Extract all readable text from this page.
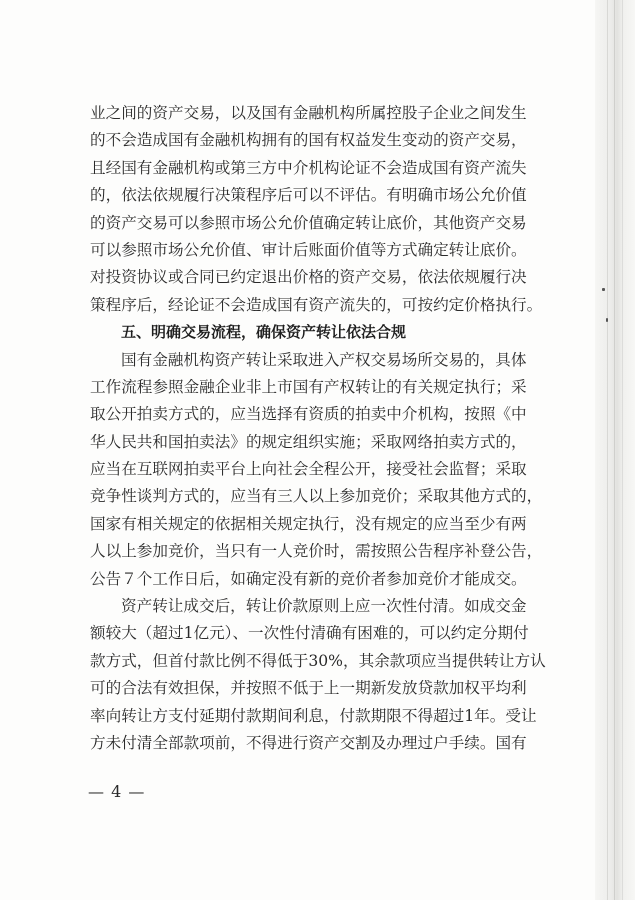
业之间的资产交易，以及国有金融机构所属控股子企业之间发生
的不会造成国有金融机构拥有的国有权益发生变动的资产交易，
且经国有金融机构或第三方中介机构论证不会造成国有资产流失
的，依法依规履行决策程序后可以不评估。有明确市场公允价值
的资产交易可以参照市场公允价值确定转让底价，其他资产交易
可以参照市场公允价值、审计后账面价值等方式确定转让底价。
对投资协议或合同已约定退出价格的资产交易，依法依规履行决
策程序后，经论证不会造成国有资产流失的，可按约定价格执行。
五、明确交易流程，确保资产转让依法合规
国有金融机构资产转让采取进入产权交易场所交易的，具体
工作流程参照金融企业非上市国有产权转让的有关规定执行；采
取公开拍卖方式的，应当选择有资质的拍卖中介机构，按照《中
华人民共和国拍卖法》的规定组织实施；采取网络拍卖方式的，
应当在互联网拍卖平台上向社会全程公开，接受社会监督；采取
竞争性谈判方式的，应当有三人以上参加竞价；采取其他方式的，
国家有相关规定的依据相关规定执行，没有规定的应当至少有两
人以上参加竞价，当只有一人竞价时，需按照公告程序补登公告，
公告７个工作日后，如确定没有新的竞价者参加竞价才能成交。
资产转让成交后，转让价款原则上应一次性付清。如成交金
额较大（超过1亿元）、一次性付清确有困难的，可以约定分期付
款方式，但首付款比例不得低于30%，其余款项应当提供转让方认
可的合法有效担保，并按照不低于上一期新发放贷款加权平均利
率向转让方支付延期付款期间利息，付款期限不得超过1年。受让
方未付清全部款项前，不得进行资产交割及办理过户手续。国有
— 4 —
